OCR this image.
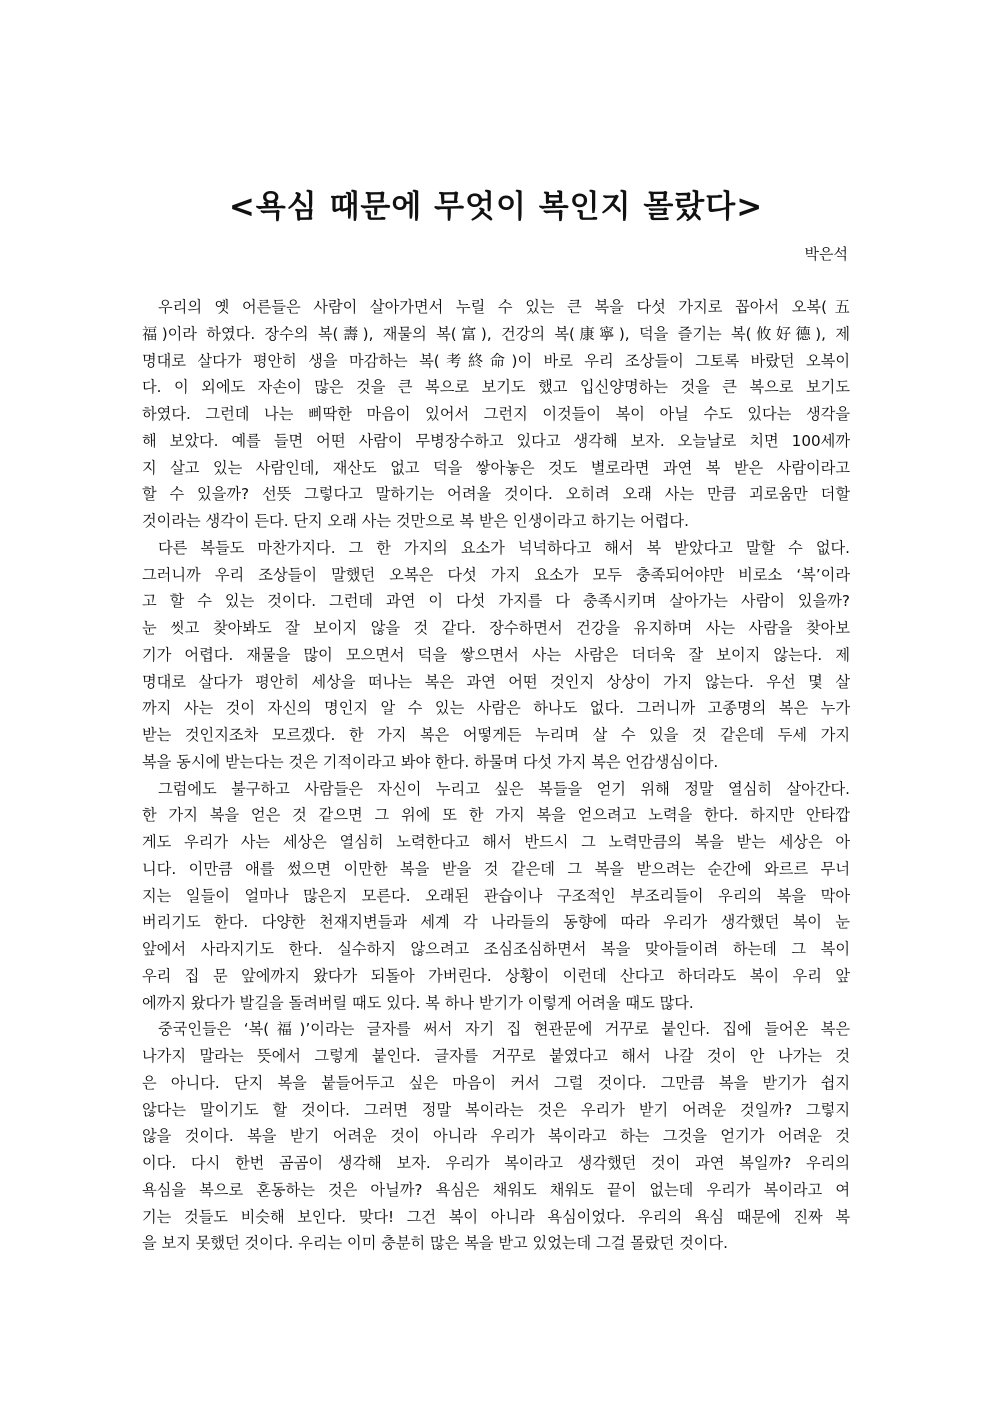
<욕심 때문에 무엇이 복인지 몰랐다>
박은석
우리의 옛 어른들은 사람이 살아가면서 누릴 수 있는 큰 복을 다섯 가지로 꼽아서 오복(五
福)이라 하였다. 장수의 복(壽), 재물의 복(富), 건강의 복(康寧), 덕을 즐기는 복(攸好德), 제
명대로 살다가 평안히 생을 마감하는 복(考終命)이 바로 우리 조상들이 그토록 바랐던 오복이
다. 이 외에도 자손이 많은 것을 큰 복으로 보기도 했고 입신양명하는 것을 큰 복으로 보기도
하였다. 그런데 나는 삐딱한 마음이 있어서 그런지 이것들이 복이 아닐 수도 있다는 생각을
해 보았다. 예를 들면 어떤 사람이 무병장수하고 있다고 생각해 보자. 오늘날로 치면 100세까
지 살고 있는 사람인데, 재산도 없고 덕을 쌓아놓은 것도 별로라면 과연 복 받은 사람이라고
할 수 있을까? 선뜻 그렇다고 말하기는 어려울 것이다. 오히려 오래 사는 만큼 괴로움만 더할
것이라는 생각이 든다. 단지 오래 사는 것만으로 복 받은 인생이라고 하기는 어렵다.
다른 복들도 마찬가지다. 그 한 가지의 요소가 넉넉하다고 해서 복 받았다고 말할 수 없다.
그러니까 우리 조상들이 말했던 오복은 다섯 가지 요소가 모두 충족되어야만 비로소 ‘복’이라
고 할 수 있는 것이다. 그런데 과연 이 다섯 가지를 다 충족시키며 살아가는 사람이 있을까?
눈 씻고 찾아봐도 잘 보이지 않을 것 같다. 장수하면서 건강을 유지하며 사는 사람을 찾아보
기가 어렵다. 재물을 많이 모으면서 덕을 쌓으면서 사는 사람은 더더욱 잘 보이지 않는다. 제
명대로 살다가 평안히 세상을 떠나는 복은 과연 어떤 것인지 상상이 가지 않는다. 우선 몇 살
까지 사는 것이 자신의 명인지 알 수 있는 사람은 하나도 없다. 그러니까 고종명의 복은 누가
받는 것인지조차 모르겠다. 한 가지 복은 어떻게든 누리며 살 수 있을 것 같은데 두세 가지
복을 동시에 받는다는 것은 기적이라고 봐야 한다. 하물며 다섯 가지 복은 언감생심이다.
그럼에도 불구하고 사람들은 자신이 누리고 싶은 복들을 얻기 위해 정말 열심히 살아간다.
한 가지 복을 얻은 것 같으면 그 위에 또 한 가지 복을 얻으려고 노력을 한다. 하지만 안타깝
게도 우리가 사는 세상은 열심히 노력한다고 해서 반드시 그 노력만큼의 복을 받는 세상은 아
니다. 이만큼 애를 썼으면 이만한 복을 받을 것 같은데 그 복을 받으려는 순간에 와르르 무너
지는 일들이 얼마나 많은지 모른다. 오래된 관습이나 구조적인 부조리들이 우리의 복을 막아
버리기도 한다. 다양한 천재지변들과 세계 각 나라들의 동향에 따라 우리가 생각했던 복이 눈
앞에서 사라지기도 한다. 실수하지 않으려고 조심조심하면서 복을 맞아들이려 하는데 그 복이
우리 집 문 앞에까지 왔다가 되돌아 가버린다. 상황이 이런데 산다고 하더라도 복이 우리 앞
에까지 왔다가 발길을 돌려버릴 때도 있다. 복 하나 받기가 이렇게 어려울 때도 많다.
중국인들은 ‘복(福)’이라는 글자를 써서 자기 집 현관문에 거꾸로 붙인다. 집에 들어온 복은
나가지 말라는 뜻에서 그렇게 붙인다. 글자를 거꾸로 붙였다고 해서 나갈 것이 안 나가는 것
은 아니다. 단지 복을 붙들어두고 싶은 마음이 커서 그럴 것이다. 그만큼 복을 받기가 쉽지
않다는 말이기도 할 것이다. 그러면 정말 복이라는 것은 우리가 받기 어려운 것일까? 그렇지
않을 것이다. 복을 받기 어려운 것이 아니라 우리가 복이라고 하는 그것을 얻기가 어려운 것
이다. 다시 한번 곰곰이 생각해 보자. 우리가 복이라고 생각했던 것이 과연 복일까? 우리의
욕심을 복으로 혼동하는 것은 아닐까? 욕심은 채워도 채워도 끝이 없는데 우리가 복이라고 여
기는 것들도 비슷해 보인다. 맞다! 그건 복이 아니라 욕심이었다. 우리의 욕심 때문에 진짜 복
을 보지 못했던 것이다. 우리는 이미 충분히 많은 복을 받고 있었는데 그걸 몰랐던 것이다.
